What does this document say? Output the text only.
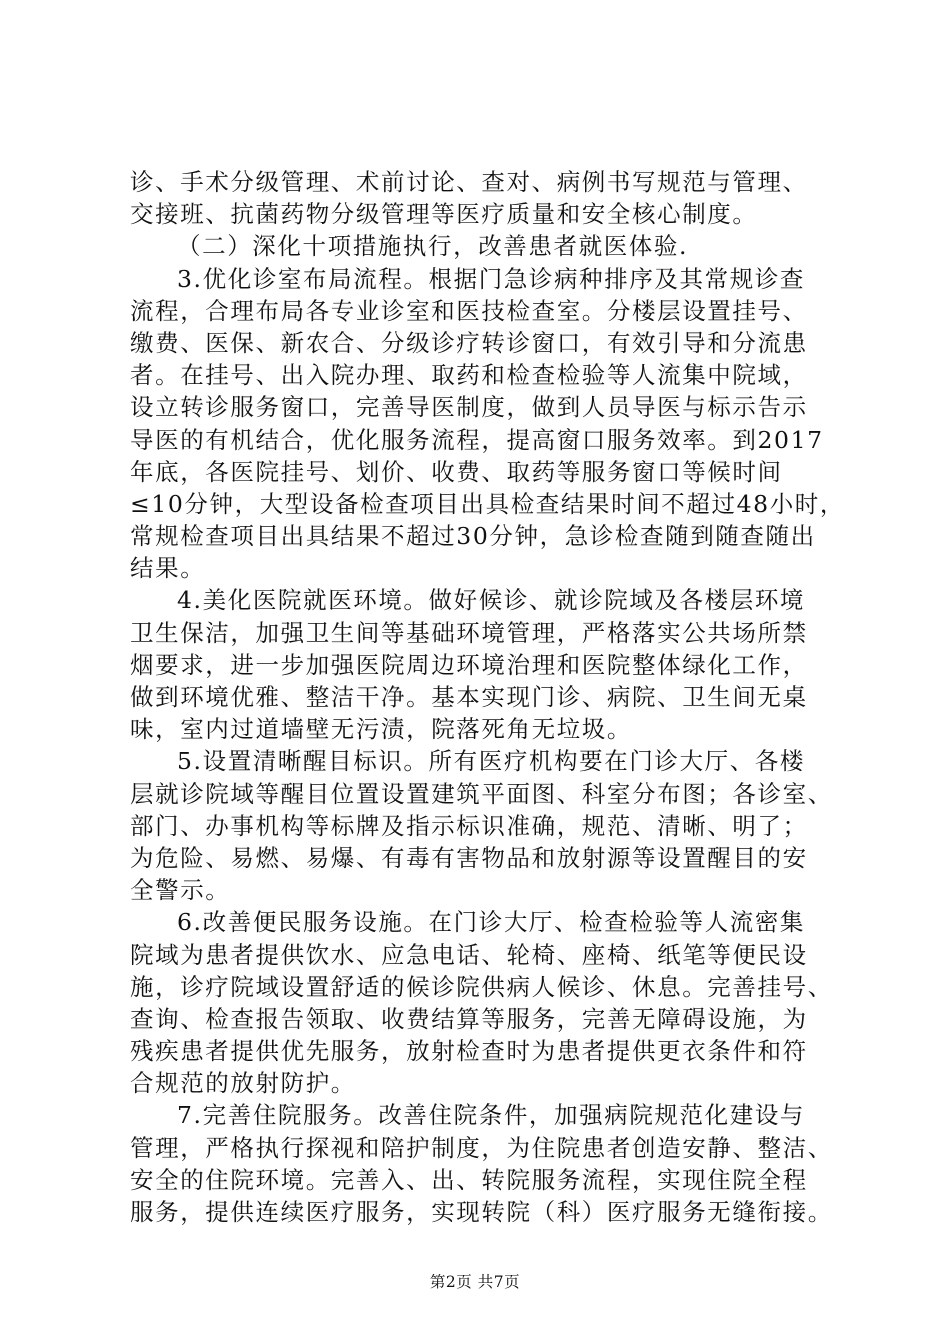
诊、手术分级管理、术前讨论、查对、病例书写规范与管理、
交接班、抗菌药物分级管理等医疗质量和安全核心制度。
（二）深化十项措施执行，改善患者就医体验.
3.优化诊室布局流程。根据门急诊病种排序及其常规诊查
流程，合理布局各专业诊室和医技检查室。分楼层设置挂号、
缴费、医保、新农合、分级诊疗转诊窗口，有效引导和分流患
者。在挂号、出入院办理、取药和检查检验等人流集中院域，
设立转诊服务窗口，完善导医制度，做到人员导医与标示告示
导医的有机结合，优化服务流程，提高窗口服务效率。到2017
年底，各医院挂号、划价、收费、取药等服务窗口等候时间
≤10分钟，大型设备检查项目出具检查结果时间不超过48小时，
常规检查项目出具结果不超过30分钟，急诊检查随到随查随出
结果。
4.美化医院就医环境。做好候诊、就诊院域及各楼层环境
卫生保洁，加强卫生间等基础环境管理，严格落实公共场所禁
烟要求，进一步加强医院周边环境治理和医院整体绿化工作，
做到环境优雅、整洁干净。基本实现门诊、病院、卫生间无桌
味，室内过道墙壁无污渍，院落死角无垃圾。
5.设置清晰醒目标识。所有医疗机构要在门诊大厅、各楼
层就诊院域等醒目位置设置建筑平面图、科室分布图；各诊室、
部门、办事机构等标牌及指示标识准确，规范、清晰、明了；
为危险、易燃、易爆、有毒有害物品和放射源等设置醒目的安
全警示。
6.改善便民服务设施。在门诊大厅、检查检验等人流密集
院域为患者提供饮水、应急电话、轮椅、座椅、纸笔等便民设
施，诊疗院域设置舒适的候诊院供病人候诊、休息。完善挂号、
查询、检查报告领取、收费结算等服务，完善无障碍设施，为
残疾患者提供优先服务，放射检查时为患者提供更衣条件和符
合规范的放射防护。
7.完善住院服务。改善住院条件，加强病院规范化建设与
管理，严格执行探视和陪护制度，为住院患者创造安静、整洁、
安全的住院环境。完善入、出、转院服务流程，实现住院全程
服务，提供连续医疗服务，实现转院（科）医疗服务无缝衔接。
第2页 共7页
